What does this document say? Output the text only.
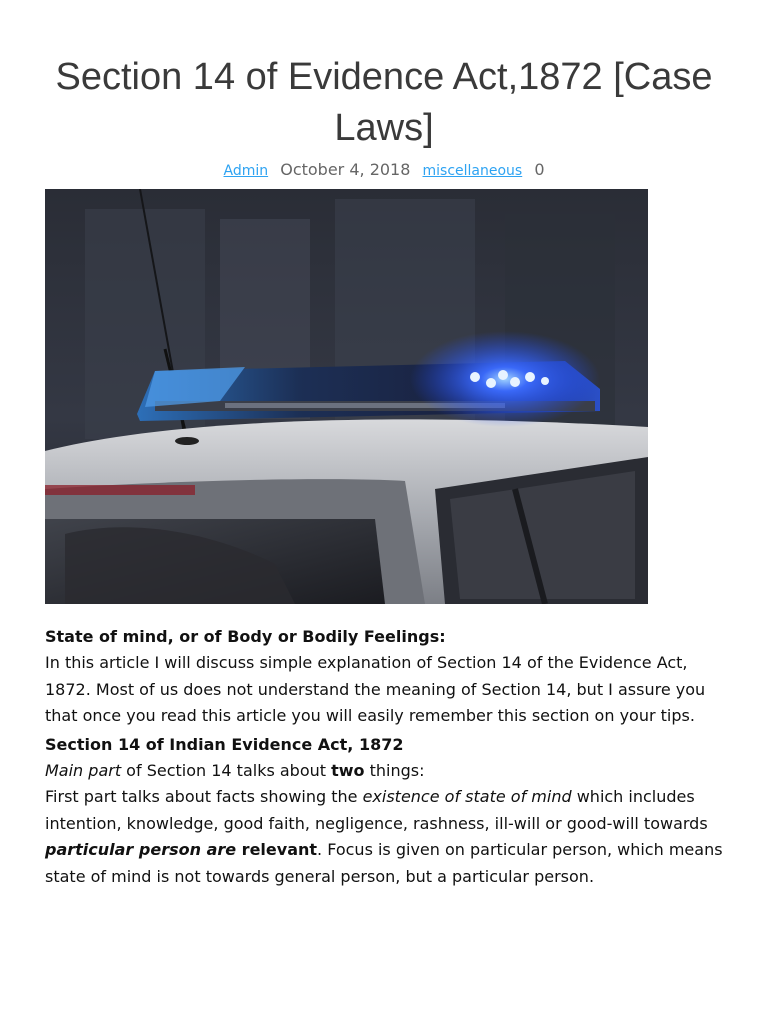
Section 14 of Evidence Act,1872 [Case Laws]
Admin October 4, 2018 miscellaneous 0

State of mind, or of Body or Bodily Feelings:

In this article I will discuss simple explanation of Section 14 of the Evidence Act, 1872. Most of us does not understand the meaning of Section 14, but I assure you that once you read this article you will easily remember this section on your tips.

Section 14 of Indian Evidence Act, 1872

Main part of Section 14 talks about two things:

First part talks about facts showing the existence of state of mind which includes intention, knowledge, good faith, negligence, rashness, ill-will or good-will towards particular person are relevant. Focus is given on particular person, which means state of mind is not towards general person, but a particular person.
